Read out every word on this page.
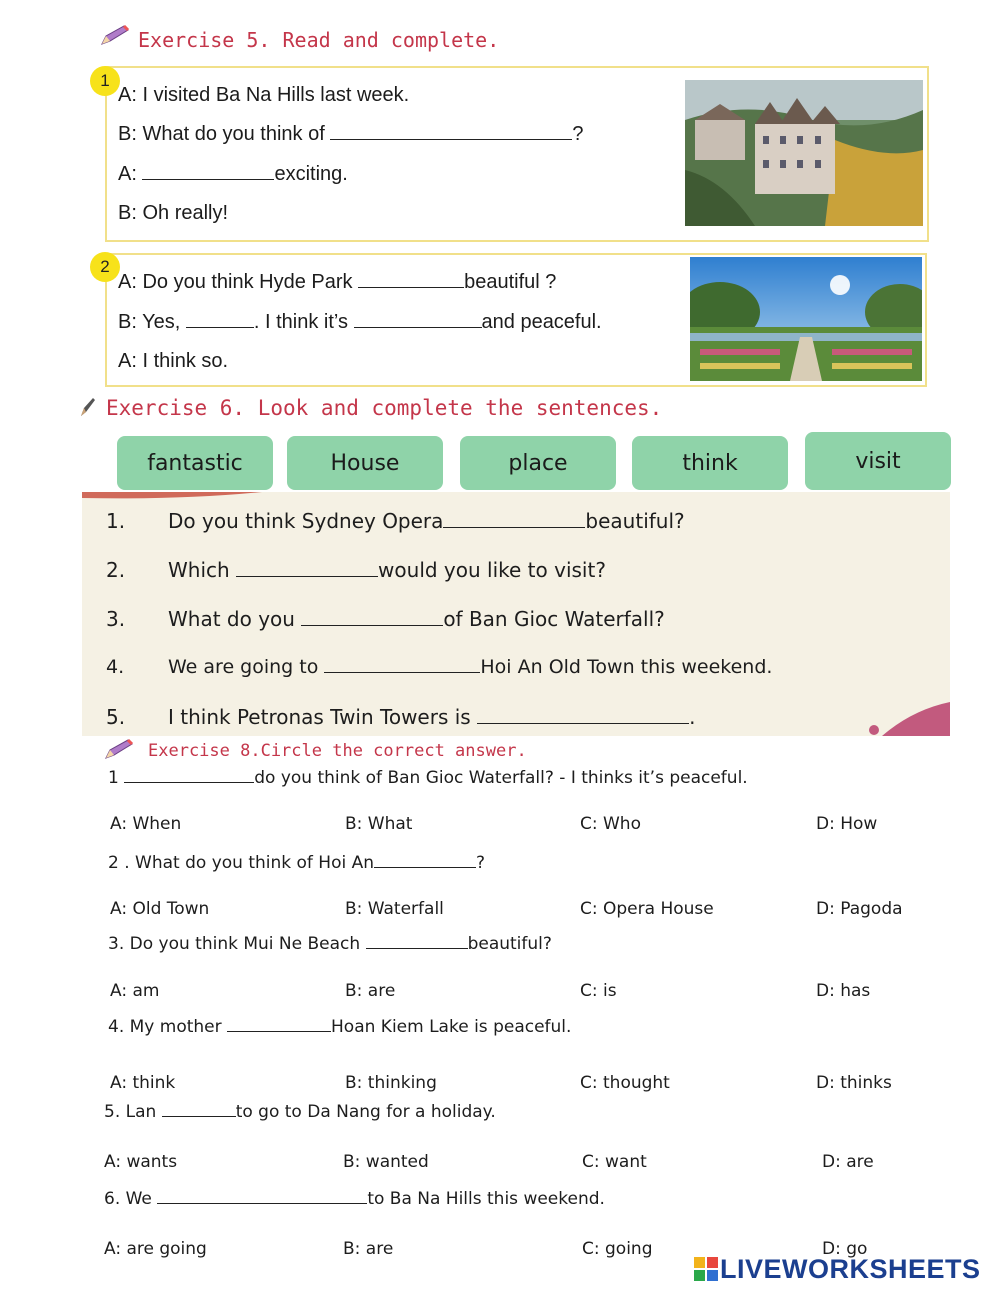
Exercise 5. Read and complete.
1
A: I visited Ba Na Hills last week.
B: What do you think of	?
A:	exciting.
B: Oh really!
2
A: Do you think Hyde Park	beautiful ?
B: Yes,	. I think it’s	and peaceful.
A: I think so.
Exercise 6. Look and complete the sentences.
fantastic	House	place	think	visit
1. Do you think Sydney Opera	beautiful?
2. Which	would you like to visit?
3. What do you	of Ban Gioc Waterfall?
4. We are going to	Hoi An Old Town this weekend.
5. I think Petronas Twin Towers is	.
Exercise 8.Circle the correct answer.
1	do you think of Ban Gioc Waterfall? - I thinks it’s peaceful.
A: When	B: What	C: Who	D: How
2 . What do you think of Hoi An	?
A: Old Town	B: Waterfall	C: Opera House	D: Pagoda
3. Do you think Mui Ne Beach	beautiful?
A: am	B: are	C: is	D: has
4. My mother	Hoan Kiem Lake is peaceful.
A: think	B: thinking	C: thought	D: thinks
5. Lan	to go to Da Nang for a holiday.
A: wants	B: wanted	C: want	D: are
6. We	to Ba Na Hills this weekend.
A: are going	B: are	C: going	D: go
LIVEWORKSHEETS
